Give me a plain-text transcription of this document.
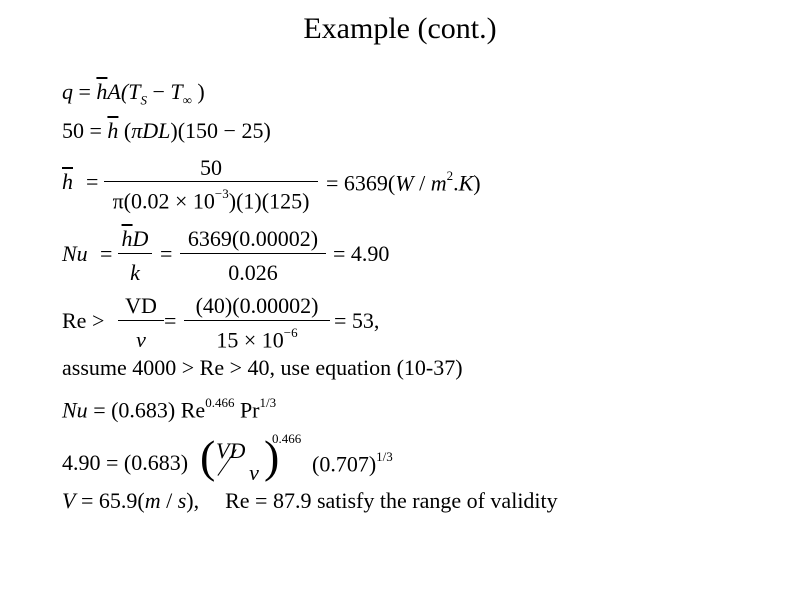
Example (cont.)
$q = \overline{h}A(T_S - T_\infty$ )
$50 = \overline{h}$ (πDL)(150 − 25)
$\overline{h}$ =
50
$\pi(0.02 \times 10^{-3})(1)(125)$
= $6369(W / m^2.K)$
Nu =
$\overline{h}D$
k
=
6369(0.00002)
0.026
= 4.90
Re >
VD
ν
=
(40)(0.00002)
$15 \times 10^{-6}$	= 53,
assume 4000 > Re > 40, use equation (10-37)
Nu = (0.683) $Re^{0.466}$ $Pr^{1/3}$
4.90 = (0.683) ( VD
ν )
0.466
$(0.707)^{1/3}$
V = 65.9(m / s), Re = 87.9 satisfy the range of validity
